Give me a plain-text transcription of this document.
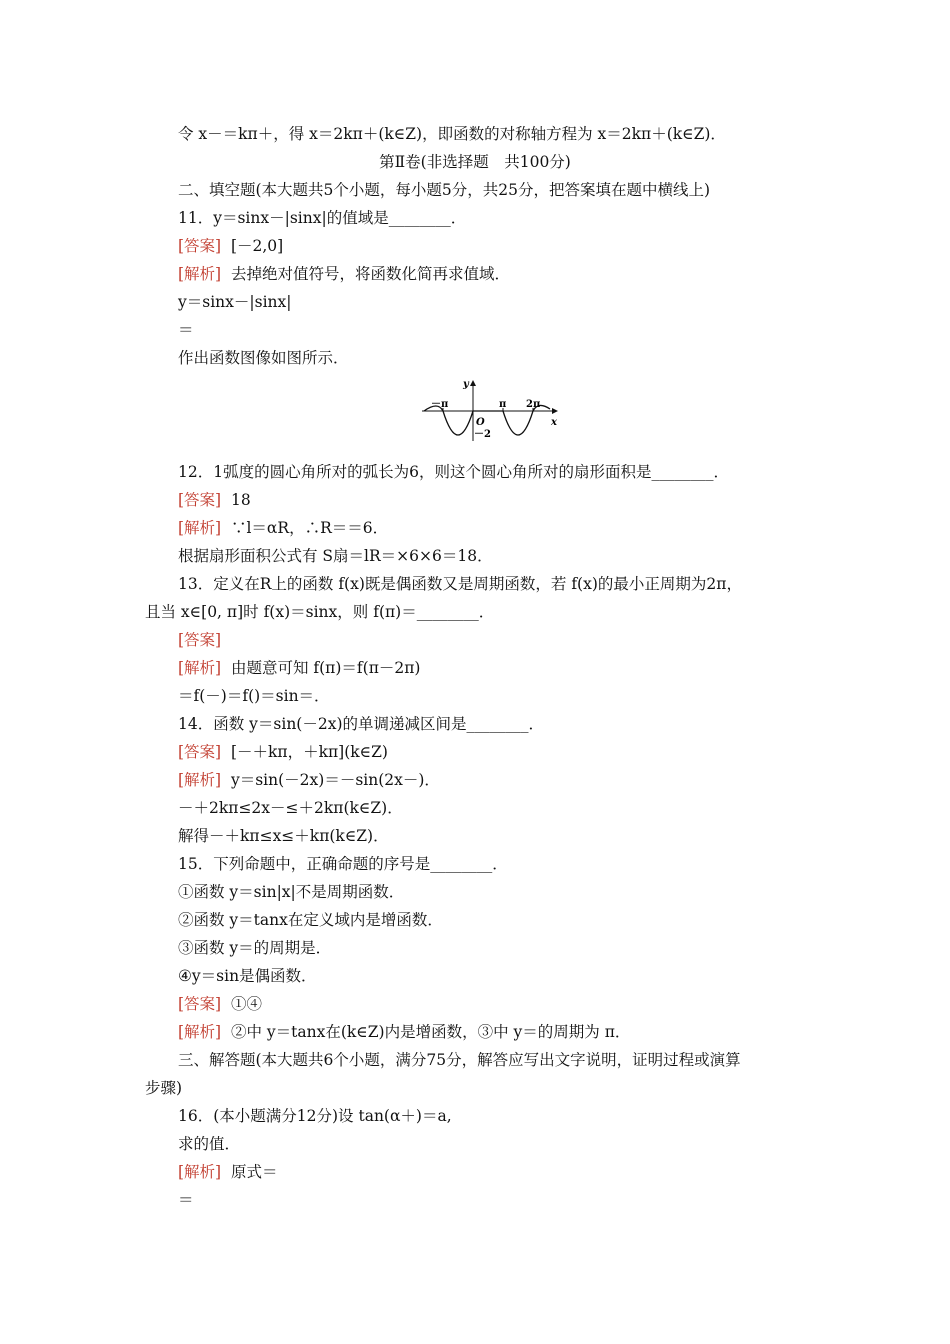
令 x－＝kπ＋，得 x＝2kπ＋(k∈Z)，即函数的对称轴方程为 x＝2kπ＋(k∈Z)．
第Ⅱ卷(非选择题　共100分)
二、填空题(本大题共5个小题，每小题5分，共25分，把答案填在题中横线上)
11．y＝sinx－|sinx|的值域是________．
[答案] [－2,0]
[解析] 去掉绝对值符号，将函数化简再求值域．
y＝sinx－|sinx|
＝
作出函数图像如图所示．
y
x
O
－π	π 2π
－2
12．1弧度的圆心角所对的弧长为6，则这个圆心角所对的扇形面积是________．
[答案] 18
[解析] ∵l＝αR，∴R＝＝6．
根据扇形面积公式有 S扇＝lR＝×6×6＝18．
13．定义在R上的函数 f(x)既是偶函数又是周期函数，若 f(x)的最小正周期为2π，
且当 x∈[0, π]时 f(x)＝sinx，则 f(π)＝________．
[答案]
[解析] 由题意可知 f(π)＝f(π－2π)
＝f(－)＝f()＝sin＝．
14．函数 y＝sin(－2x)的单调递减区间是________．
[答案] [－＋kπ，＋kπ](k∈Z)
[解析] y＝sin(－2x)＝－sin(2x－)．
－＋2kπ≤2x－≤＋2kπ(k∈Z)．
解得－＋kπ≤x≤＋kπ(k∈Z)．
15．下列命题中，正确命题的序号是________．
①函数 y＝sin|x|不是周期函数．
②函数 y＝tanx在定义域内是增函数．
③函数 y＝的周期是．
④y＝sin是偶函数．
[答案] ①④
[解析] ②中 y＝tanx在(k∈Z)内是增函数，③中 y＝的周期为 π．
三、解答题(本大题共6个小题，满分75分，解答应写出文字说明，证明过程或演算
步骤)
16．(本小题满分12分)设 tan(α＋)＝a,
求的值．
[解析] 原式＝
＝
